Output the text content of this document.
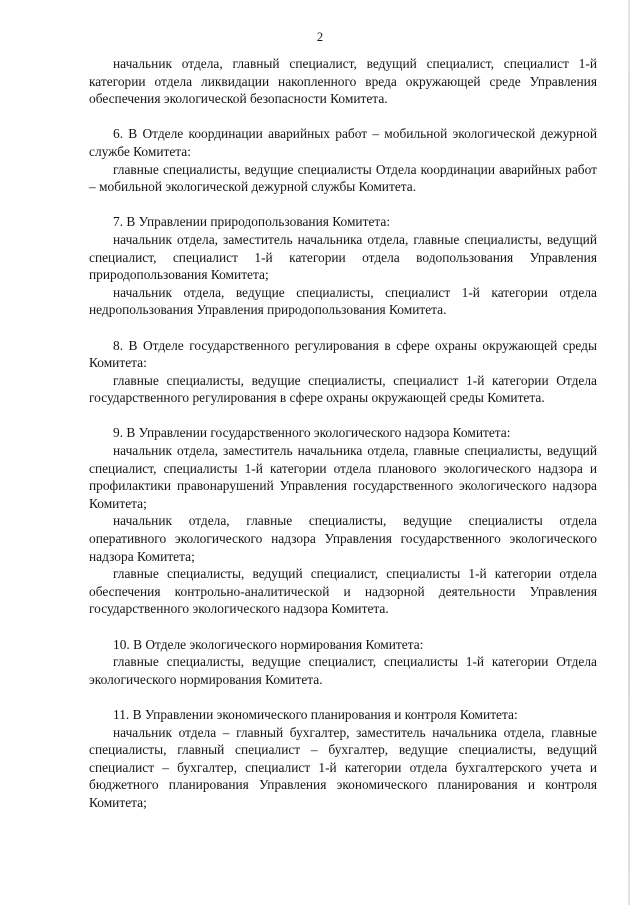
2

начальник отдела, главный специалист, ведущий специалист, специалист 1-й категории отдела ликвидации накопленного вреда окружающей среде Управления обеспечения экологической безопасности Комитета.

6. В Отделе координации аварийных работ – мобильной экологической дежурной службе Комитета:

главные специалисты, ведущие специалисты Отдела координации аварийных работ – мобильной экологической дежурной службы Комитета.

7. В Управлении природопользования Комитета:

начальник отдела, заместитель начальника отдела, главные специалисты, ведущий специалист, специалист 1-й категории отдела водопользования Управления природопользования Комитета;

начальник отдела, ведущие специалисты, специалист 1-й категории отдела недропользования Управления природопользования Комитета.

8. В Отделе государственного регулирования в сфере охраны окружающей среды Комитета:

главные специалисты, ведущие специалисты, специалист 1-й категории Отдела государственного регулирования в сфере охраны окружающей среды Комитета.

9. В Управлении государственного экологического надзора Комитета:

начальник отдела, заместитель начальника отдела, главные специалисты, ведущий специалист, специалисты 1-й категории отдела планового экологического надзора и профилактики правонарушений Управления государственного экологического надзора Комитета;

начальник отдела, главные специалисты, ведущие специалисты отдела оперативного экологического надзора Управления государственного экологического надзора Комитета;

главные специалисты, ведущий специалист, специалисты 1-й категории отдела обеспечения контрольно-аналитической и надзорной деятельности Управления государственного экологического надзора Комитета.

10. В Отделе экологического нормирования Комитета:

главные специалисты, ведущие специалист, специалисты 1-й категории Отдела экологического нормирования Комитета.

11. В Управлении экономического планирования и контроля Комитета:

начальник отдела – главный бухгалтер, заместитель начальника отдела, главные специалисты, главный специалист – бухгалтер, ведущие специалисты, ведущий специалист – бухгалтер, специалист 1-й категории отдела бухгалтерского учета и бюджетного планирования Управления экономического планирования и контроля Комитета;
